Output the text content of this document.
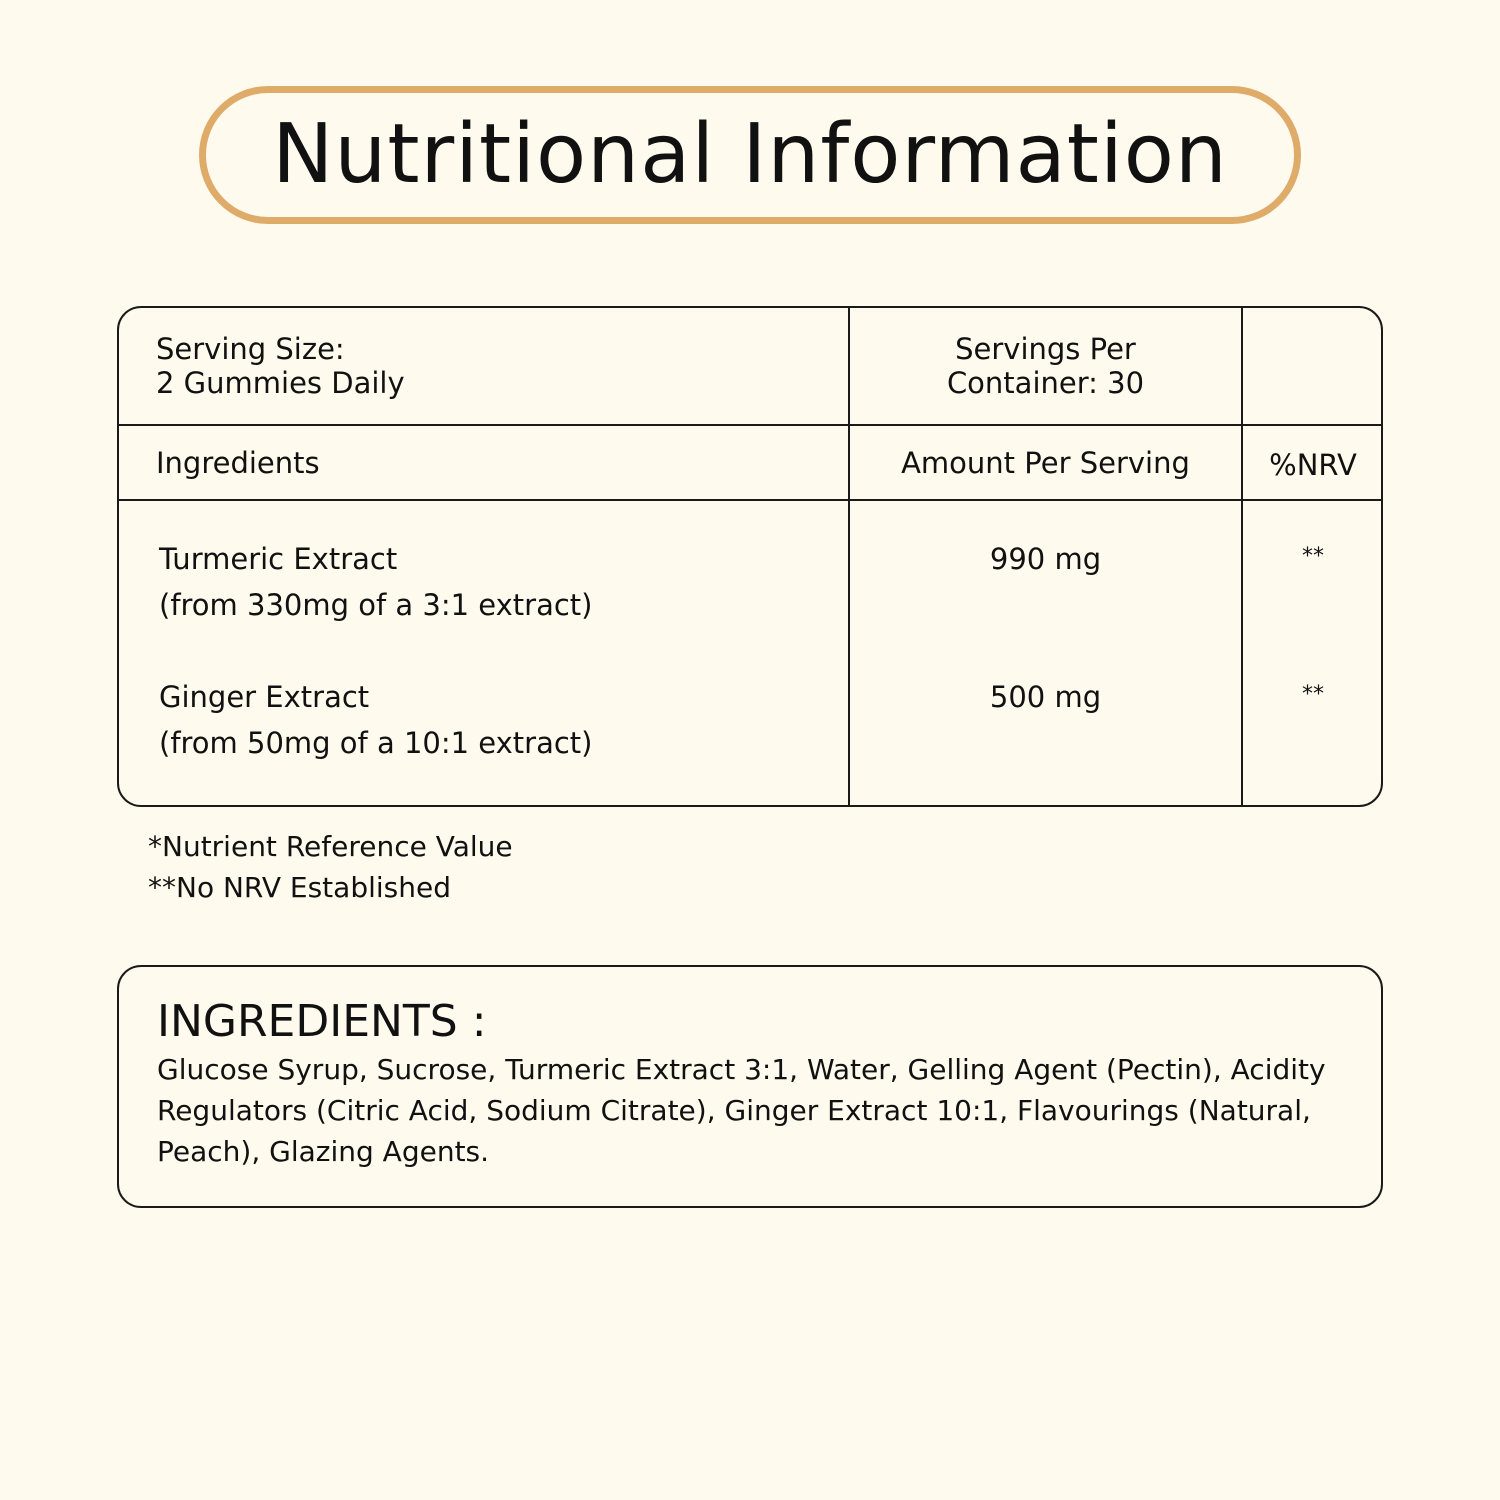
Nutritional Information
Serving Size:
2 Gummies Daily
Servings Per
Container: 30
Ingredients	Amount Per Serving	%NRV
Turmeric Extract
(from 330mg of a 3:1 extract)
990 mg	**
Ginger Extract
(from 50mg of a 10:1 extract)
500 mg	**
*Nutrient Reference Value
**No NRV Established
INGREDIENTS :
Glucose Syrup, Sucrose, Turmeric Extract 3:1, Water, Gelling Agent (Pectin), Acidity Regulators (Citric Acid, Sodium Citrate), Ginger Extract 10:1, Flavourings (Natural, Peach), Glazing Agents.
